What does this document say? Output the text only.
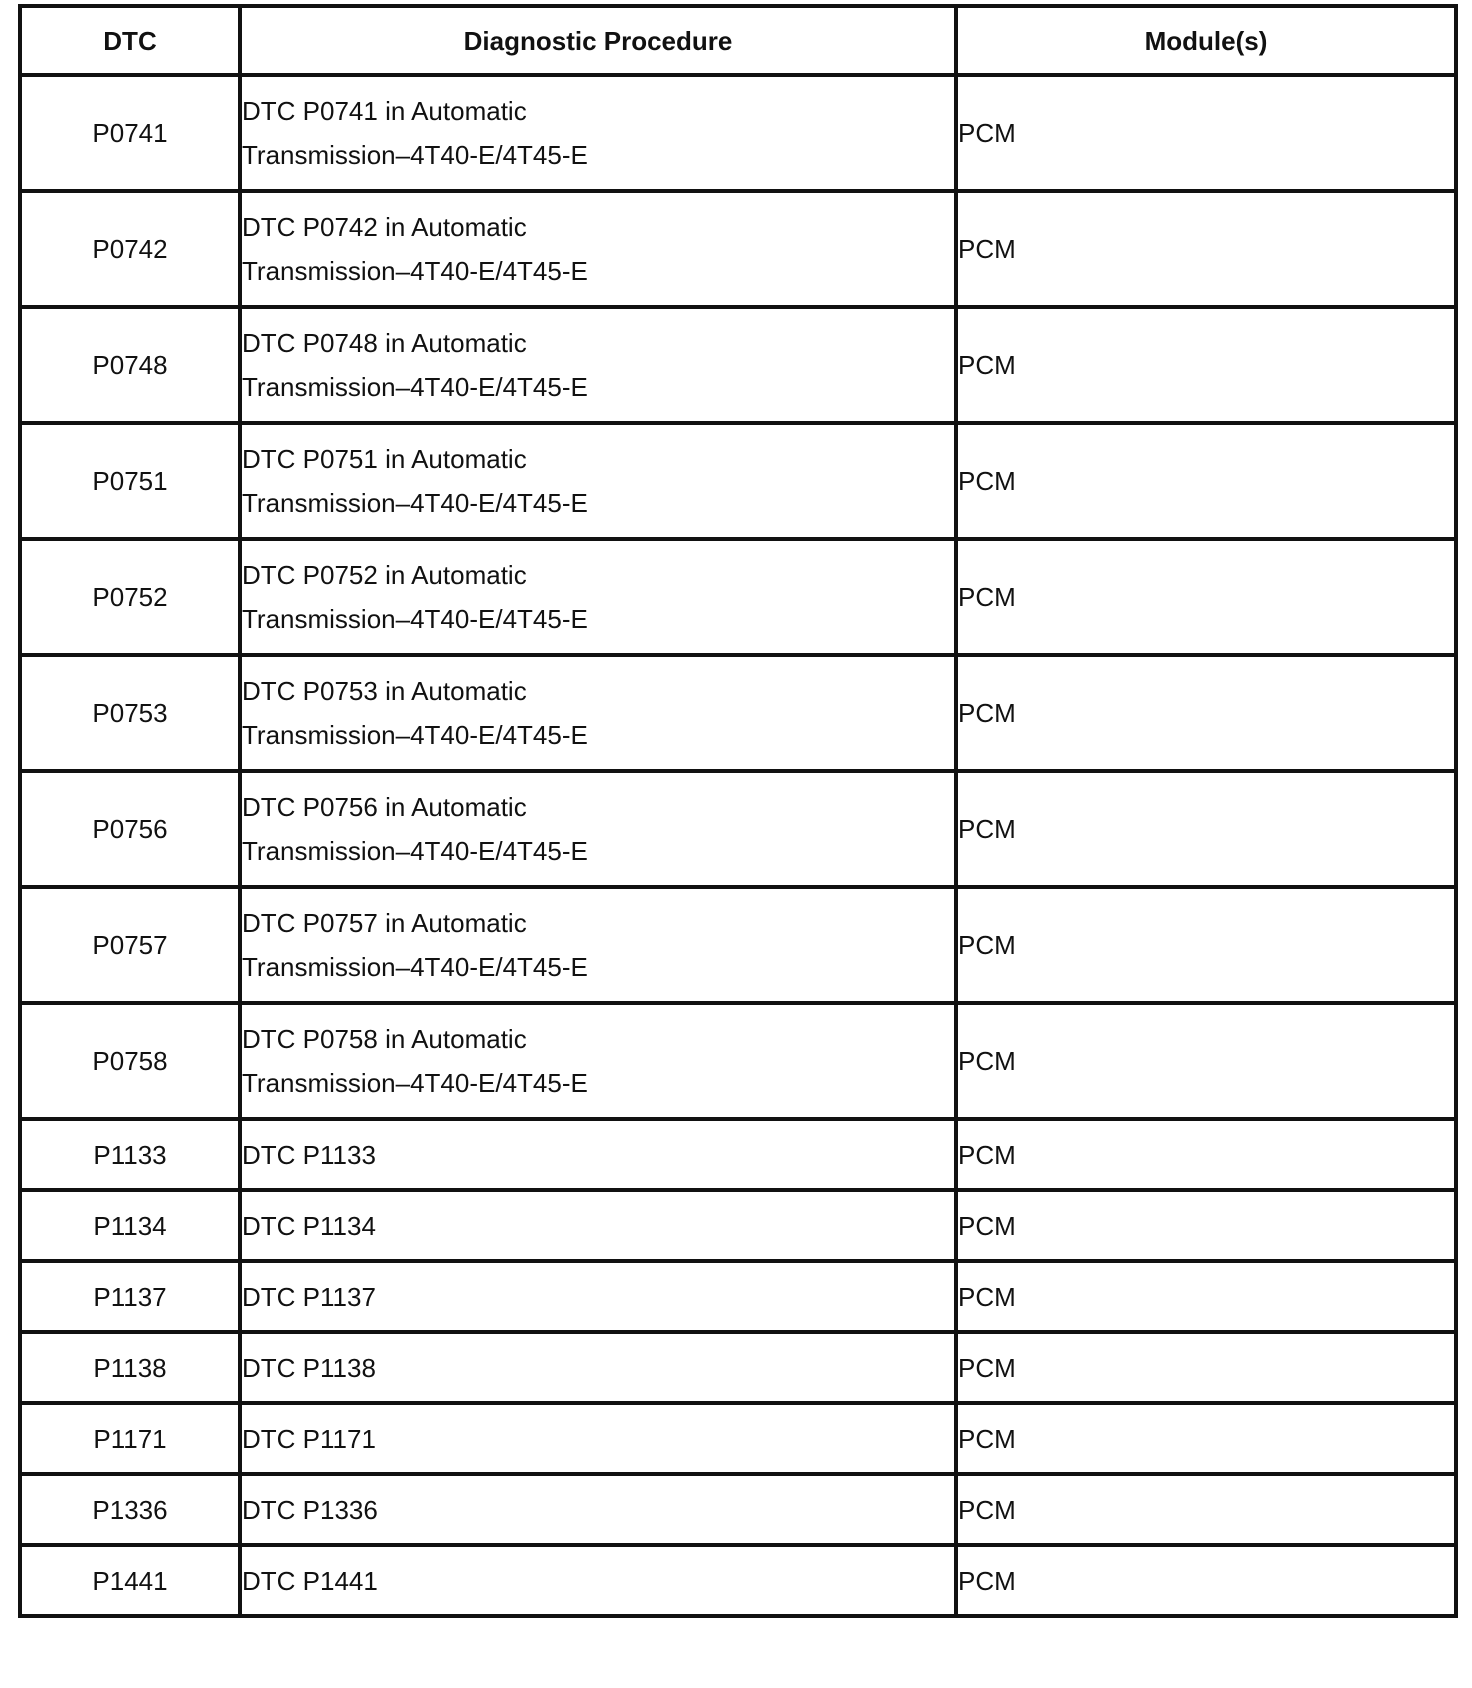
DTC	Diagnostic Procedure	Module(s)
P0741	DTC P0741 in Automatic
Transmission–4T40-E/4T45-E	PCM
P0742	DTC P0742 in Automatic
Transmission–4T40-E/4T45-E	PCM
P0748	DTC P0748 in Automatic
Transmission–4T40-E/4T45-E	PCM
P0751	DTC P0751 in Automatic
Transmission–4T40-E/4T45-E	PCM
P0752	DTC P0752 in Automatic
Transmission–4T40-E/4T45-E	PCM
P0753	DTC P0753 in Automatic
Transmission–4T40-E/4T45-E	PCM
P0756	DTC P0756 in Automatic
Transmission–4T40-E/4T45-E	PCM
P0757	DTC P0757 in Automatic
Transmission–4T40-E/4T45-E	PCM
P0758	DTC P0758 in Automatic
Transmission–4T40-E/4T45-E	PCM
P1133	DTC P1133	PCM
P1134	DTC P1134	PCM
P1137	DTC P1137	PCM
P1138	DTC P1138	PCM
P1171	DTC P1171	PCM
P1336	DTC P1336	PCM
P1441	DTC P1441	PCM
